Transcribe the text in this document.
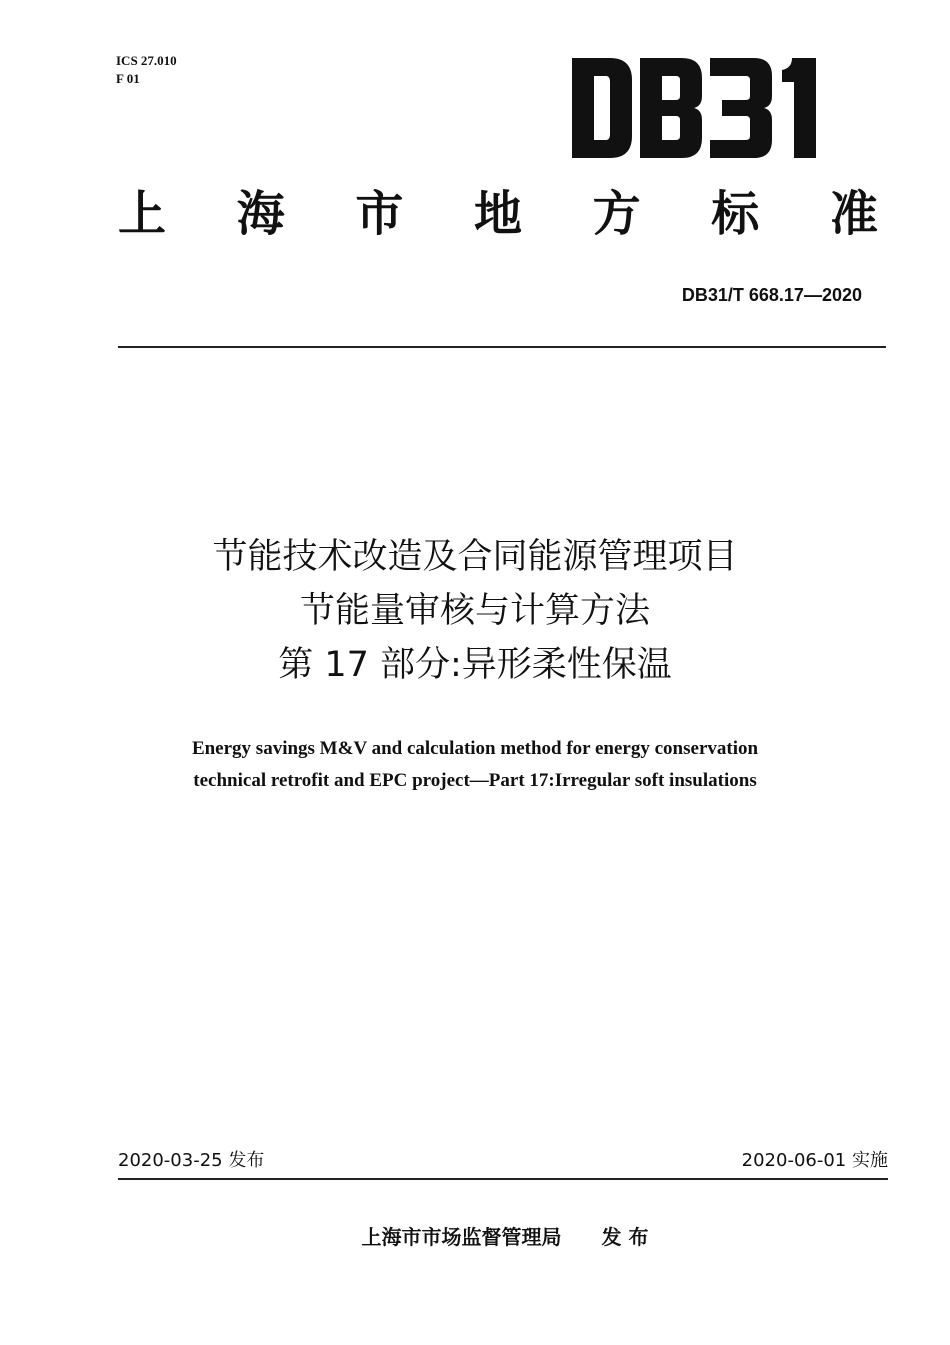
ICS 27.010
F 01
上 海 市 地 方 标 准
DB31/T 668.17—2020
节能技术改造及合同能源管理项目
节能量审核与计算方法
第 17 部分:异形柔性保温
Energy savings M&V and calculation method for energy conservation
technical retrofit and EPC project—Part 17:Irregular soft insulations
2020-03-25 发布	2020-06-01 实施
上海市市场监督管理局 发 布
